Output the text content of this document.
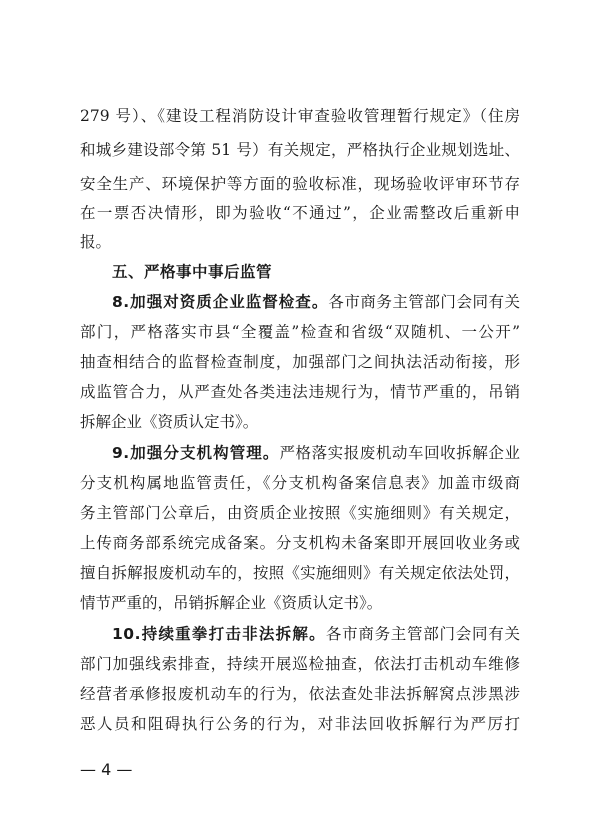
279 号）、《建设工程消防设计审查验收管理暂行规定》（住房
和城乡建设部令第 51 号）有关规定，严格执行企业规划选址、
安全生产、环境保护等方面的验收标准，现场验收评审环节存
在一票否决情形，即为验收“不通过”，企业需整改后重新申
报。
五、严格事中事后监管
8.加强对资质企业监督检查。各市商务主管部门会同有关
部门，严格落实市县“全覆盖”检查和省级“双随机、一公开”
抽查相结合的监督检查制度，加强部门之间执法活动衔接，形
成监管合力，从严查处各类违法违规行为，情节严重的，吊销
拆解企业《资质认定书》。
9.加强分支机构管理。严格落实报废机动车回收拆解企业
分支机构属地监管责任，《分支机构备案信息表》加盖市级商
务主管部门公章后，由资质企业按照《实施细则》有关规定，
上传商务部系统完成备案。分支机构未备案即开展回收业务或
擅自拆解报废机动车的，按照《实施细则》有关规定依法处罚，
情节严重的，吊销拆解企业《资质认定书》。
10.持续重拳打击非法拆解。各市商务主管部门会同有关
部门加强线索排查，持续开展巡检抽查，依法打击机动车维修
经营者承修报废机动车的行为，依法查处非法拆解窝点涉黑涉
恶人员和阻碍执行公务的行为，对非法回收拆解行为严厉打
— 4 —
